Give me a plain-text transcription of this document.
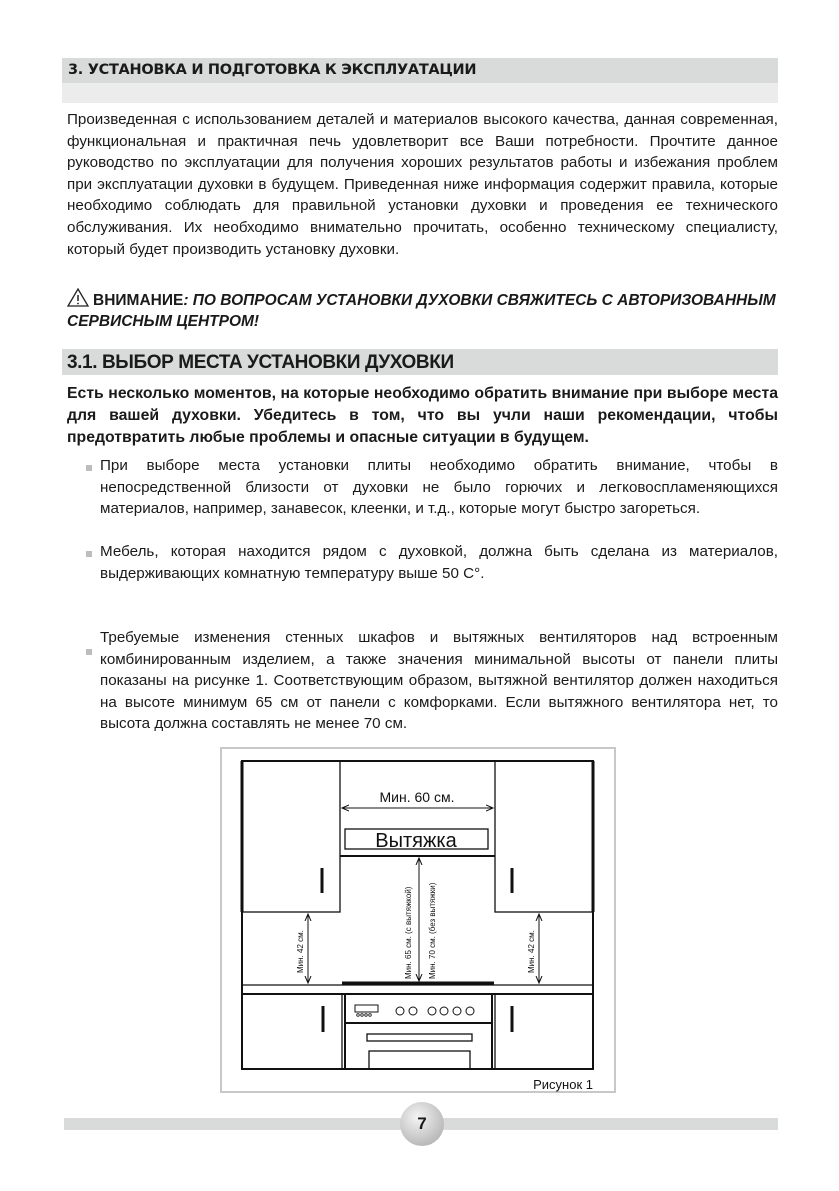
3. УСТАНОВКА И ПОДГОТОВКА К ЭКСПЛУАТАЦИИ

Произведенная с использованием деталей и материалов высокого качества, данная современная, функциональная и практичная печь удовлетворит все Ваши потребности. Прочтите данное руководство по эксплуатации для получения хороших результатов работы и избежания проблем при эксплуатации духовки в будущем. Приведенная ниже информация содержит правила, которые необходимо соблюдать для правильной установки духовки и проведения ее технического обслуживания. Их необходимо внимательно прочитать, особенно техническому специалисту, который будет производить установку духовки.

ВНИМАНИЕ: ПО ВОПРОСАМ УСТАНОВКИ ДУХОВКИ СВЯЖИТЕСЬ С АВТОРИЗОВАННЫМ СЕРВИСНЫМ ЦЕНТРОМ!
3.1. ВЫБОР МЕСТА УСТАНОВКИ ДУХОВКИ

Есть несколько моментов, на которые необходимо обратить внимание при выборе места для вашей духовки. Убедитесь в том, что вы учли наши рекомендации, чтобы предотвратить любые проблемы и опасные ситуации в будущем.

При выборе места установки плиты необходимо обратить внимание, чтобы в непосредственной близости от духовки не было горючих и легковоспламеняющихся материалов, например, занавесок, клеенки, и т.д., которые могут быстро загореться.

Мебель, которая находится рядом с духовкой, должна быть сделана из материалов, выдерживающих комнатную температуру выше 50 С°.

Требуемые изменения стенных шкафов и вытяжных вентиляторов над встроенным комбинированным изделием, а также значения минимальной высоты от панели плиты показаны на рисунке 1. Соответствующим образом, вытяжной вентилятор должен находиться на высоте минимум 65 см от панели с комфорками. Если вытяжного вентилятора нет, то высота должна составлять не менее 70 см.

Мин. 60 см.
Вытяжка
Мин. 65 см. (с вытяжкой) Мин. 70 см. (без вытяжки)
Мин. 42 см.	Мин. 42 см.
Рисунок 1
7
